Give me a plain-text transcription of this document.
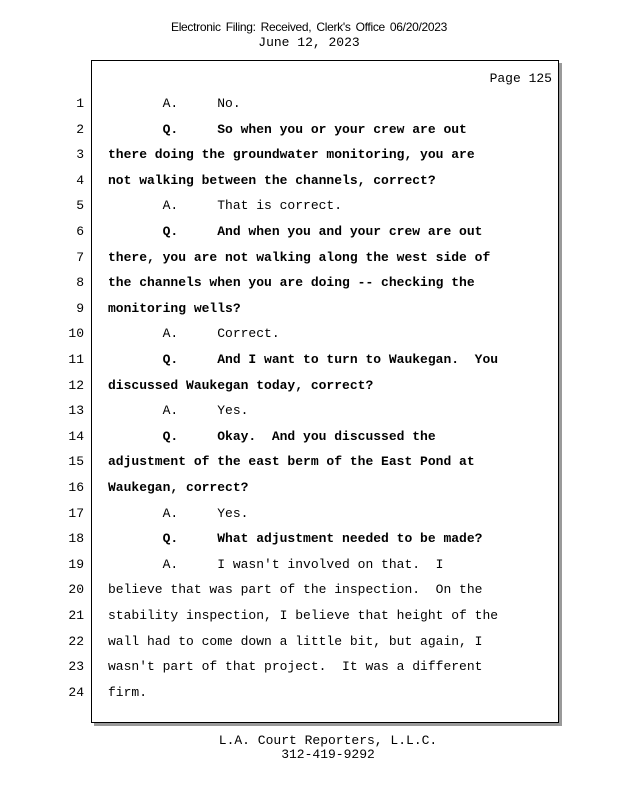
Electronic Filing: Received, Clerk's Office 06/20/2023
June 12, 2023
Page 125
1 A.     No.
2 Q.     So when you or your crew are out
3 there doing the groundwater monitoring, you are
4 not walking between the channels, correct?
5 A.     That is correct.
6 Q.     And when you and your crew are out
7 there, you are not walking along the west side of
8 the channels when you are doing -- checking the
9 monitoring wells?
10 A.     Correct.
11 Q.     And I want to turn to Waukegan.  You
12 discussed Waukegan today, correct?
13 A.     Yes.
14 Q.     Okay.  And you discussed the
15 adjustment of the east berm of the East Pond at
16 Waukegan, correct?
17 A.     Yes.
18 Q.     What adjustment needed to be made?
19 A.     I wasn't involved on that.  I
20 believe that was part of the inspection.  On the
21 stability inspection, I believe that height of the
22 wall had to come down a little bit, but again, I
23 wasn't part of that project.  It was a different
24 firm.
L.A. Court Reporters, L.L.C.
312-419-9292
